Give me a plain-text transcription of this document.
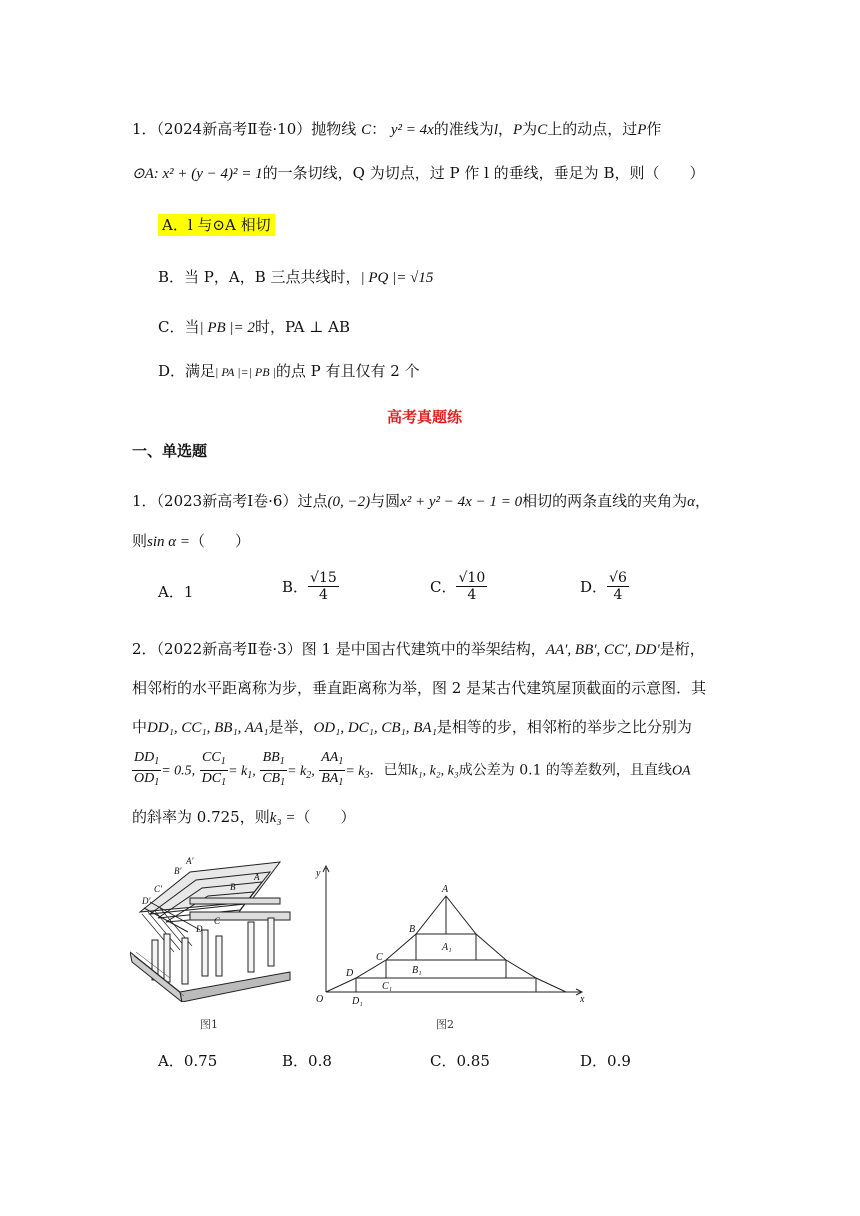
1．（2024新高考Ⅱ卷·10）抛物线 C： y² = 4x的准线为l，P为C上的动点，过P作
⊙A: x² + (y − 4)² = 1的一条切线，Q 为切点，过 P 作 l 的垂线，垂足为 B，则（　　）
A．l 与⊙A 相切
B．当 P，A，B 三点共线时，| PQ |= √15
C．当| PB |= 2时，PA ⊥ AB
D．满足| PA |=| PB |的点 P 有且仅有 2 个
高考真题练
一、单选题
1．（2023新高考Ⅰ卷·6）过点(0, −2)与圆x² + y² − 4x − 1 = 0相切的两条直线的夹角为α，
则sin α =（　　）
A．1	B． $\frac{√15}{4}$	C． $\frac{√10}{4}$	D． $\frac{√6}{4}$
2．（2022新高考Ⅱ卷·3）图 1 是中国古代建筑中的举架结构，AA′, BB′, CC′, DD′是桁，
相邻桁的水平距离称为步，垂直距离称为举，图 2 是某古代建筑屋顶截面的示意图．其
中DD₁, CC₁, BB₁, AA₁是举，OD₁, DC₁, CB₁, BA₁是相等的步，相邻桁的举步之比分别为
$\frac{DD_1}{OD_1} = 0.5$, $\frac{CC_1}{DC_1} = k_1$, $\frac{BB_1}{CB_1} = k_2$, $\frac{AA_1}{BA_1} = k_3$．已知k₁, k₂, k₃成公差为 0.1 的等差数列，且直线OA
的斜率为 0.725，则k₃ =（　　）
A′
B′
C′
D′
A
B
C
D
图1
y
x
O
A
B
C
D
A₁
B₁
C₁
D₁
图2
A．0.75	B．0.8	C．0.85	D．0.9
